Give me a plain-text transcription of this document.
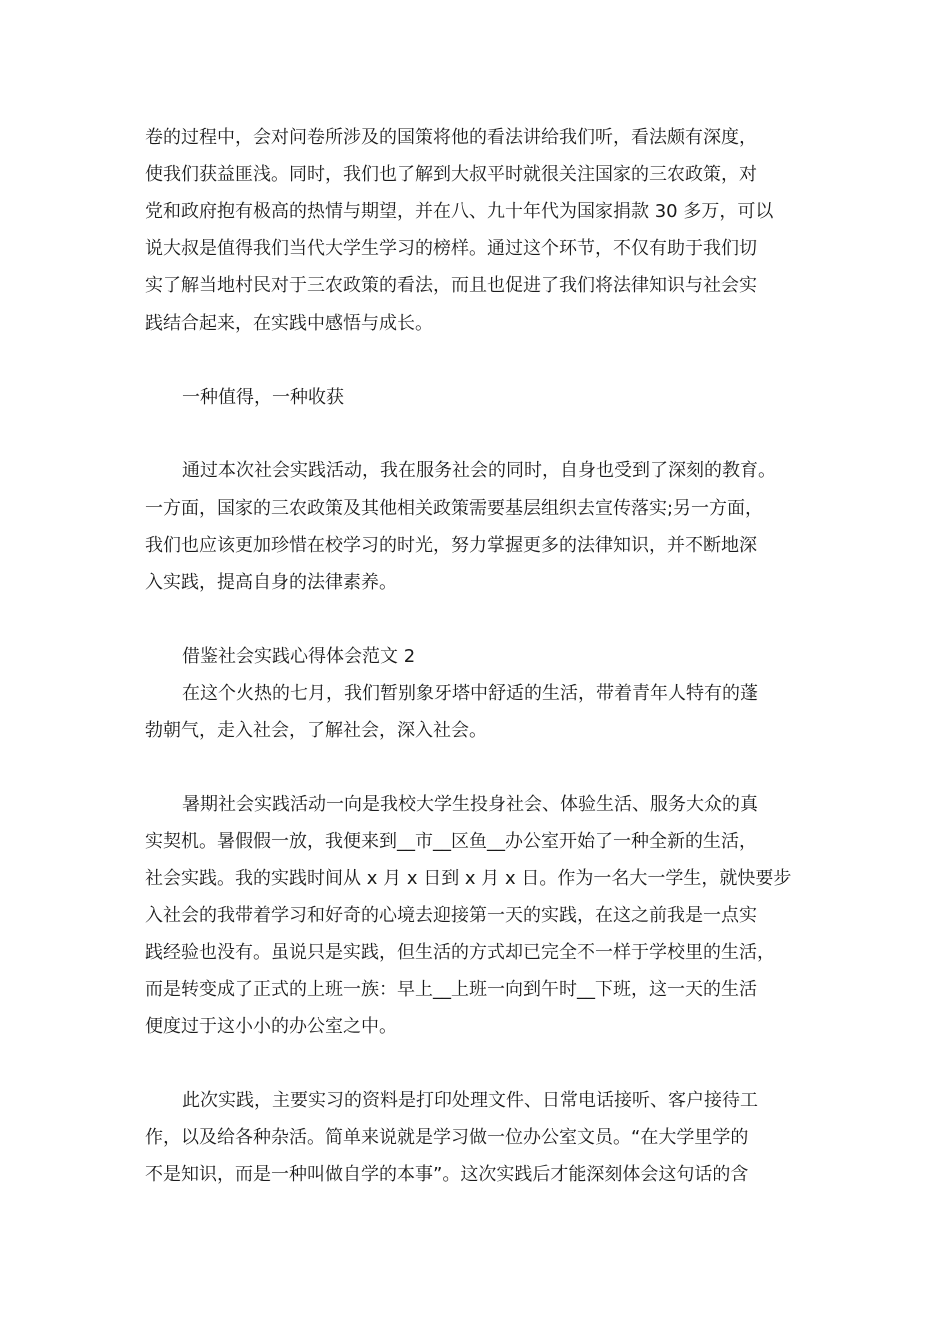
卷的过程中，会对问卷所涉及的国策将他的看法讲给我们听，看法颇有深度，
使我们获益匪浅。同时，我们也了解到大叔平时就很关注国家的三农政策，对
党和政府抱有极高的热情与期望，并在八、九十年代为国家捐款 30 多万，可以
说大叔是值得我们当代大学生学习的榜样。通过这个环节，不仅有助于我们切
实了解当地村民对于三农政策的看法，而且也促进了我们将法律知识与社会实
践结合起来，在实践中感悟与成长。
一种值得，一种收获
通过本次社会实践活动，我在服务社会的同时，自身也受到了深刻的教育。
一方面，国家的三农政策及其他相关政策需要基层组织去宣传落实;另一方面，
我们也应该更加珍惜在校学习的时光，努力掌握更多的法律知识，并不断地深
入实践，提高自身的法律素养。
借鉴社会实践心得体会范文 2
在这个火热的七月，我们暂别象牙塔中舒适的生活，带着青年人特有的蓬
勃朝气，走入社会，了解社会，深入社会。
暑期社会实践活动一向是我校大学生投身社会、体验生活、服务大众的真
实契机。暑假假一放，我便来到__市__区鱼__办公室开始了一种全新的生活，
社会实践。我的实践时间从 x 月 x 日到 x 月 x 日。作为一名大一学生，就快要步
入社会的我带着学习和好奇的心境去迎接第一天的实践，在这之前我是一点实
践经验也没有。虽说只是实践，但生活的方式却已完全不一样于学校里的生活，
而是转变成了正式的上班一族：早上__上班一向到午时__下班，这一天的生活
便度过于这小小的办公室之中。
此次实践，主要实习的资料是打印处理文件、日常电话接听、客户接待工
作，以及给各种杂活。简单来说就是学习做一位办公室文员。“在大学里学的
不是知识，而是一种叫做自学的本事”。这次实践后才能深刻体会这句话的含
